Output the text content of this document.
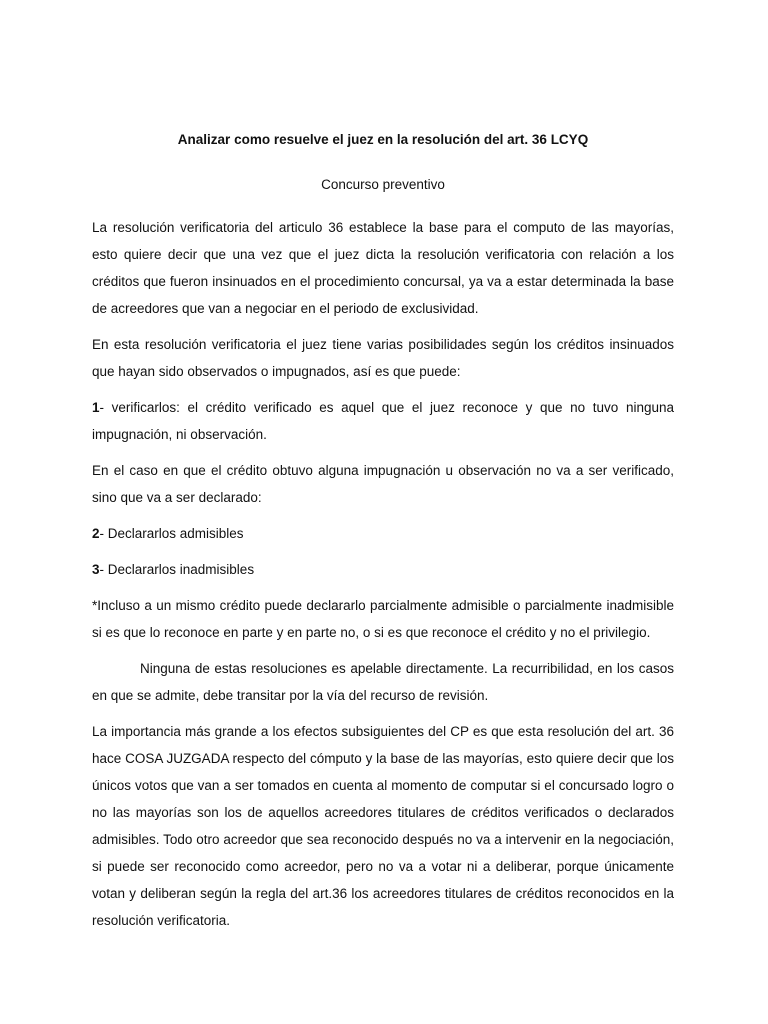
Analizar como resuelve el juez en la resolución del art. 36 LCYQ
Concurso preventivo

La resolución verificatoria del articulo 36 establece la base para el computo de las mayorías, esto quiere decir que una vez que el juez dicta la resolución verificatoria con relación a los créditos que fueron insinuados en el procedimiento concursal, ya va a estar determinada la base de acreedores que van a negociar en el periodo de exclusividad.

En esta resolución verificatoria el juez tiene varias posibilidades según los créditos insinuados que hayan sido observados o impugnados, así es que puede:

1- verificarlos: el crédito verificado es aquel que el juez reconoce y que no tuvo ninguna impugnación, ni observación.

En el caso en que el crédito obtuvo alguna impugnación u observación no va a ser verificado, sino que va a ser declarado:

2- Declararlos admisibles

3- Declararlos inadmisibles

*Incluso a un mismo crédito puede declararlo parcialmente admisible o parcialmente inadmisible si es que lo reconoce en parte y en parte no, o si es que reconoce el crédito y no el privilegio.

Ninguna de estas resoluciones es apelable directamente. La recurribilidad, en los casos en que se admite, debe transitar por la vía del recurso de revisión.

La importancia más grande a los efectos subsiguientes del CP es que esta resolución del art. 36 hace COSA JUZGADA respecto del cómputo y la base de las mayorías, esto quiere decir que los únicos votos que van a ser tomados en cuenta al momento de computar si el concursado logro o no las mayorías son los de aquellos acreedores titulares de créditos verificados o declarados admisibles. Todo otro acreedor que sea reconocido después no va a intervenir en la negociación, si puede ser reconocido como acreedor, pero no va a votar ni a deliberar, porque únicamente votan y deliberan según la regla del art.36 los acreedores titulares de créditos reconocidos en la resolución verificatoria.
